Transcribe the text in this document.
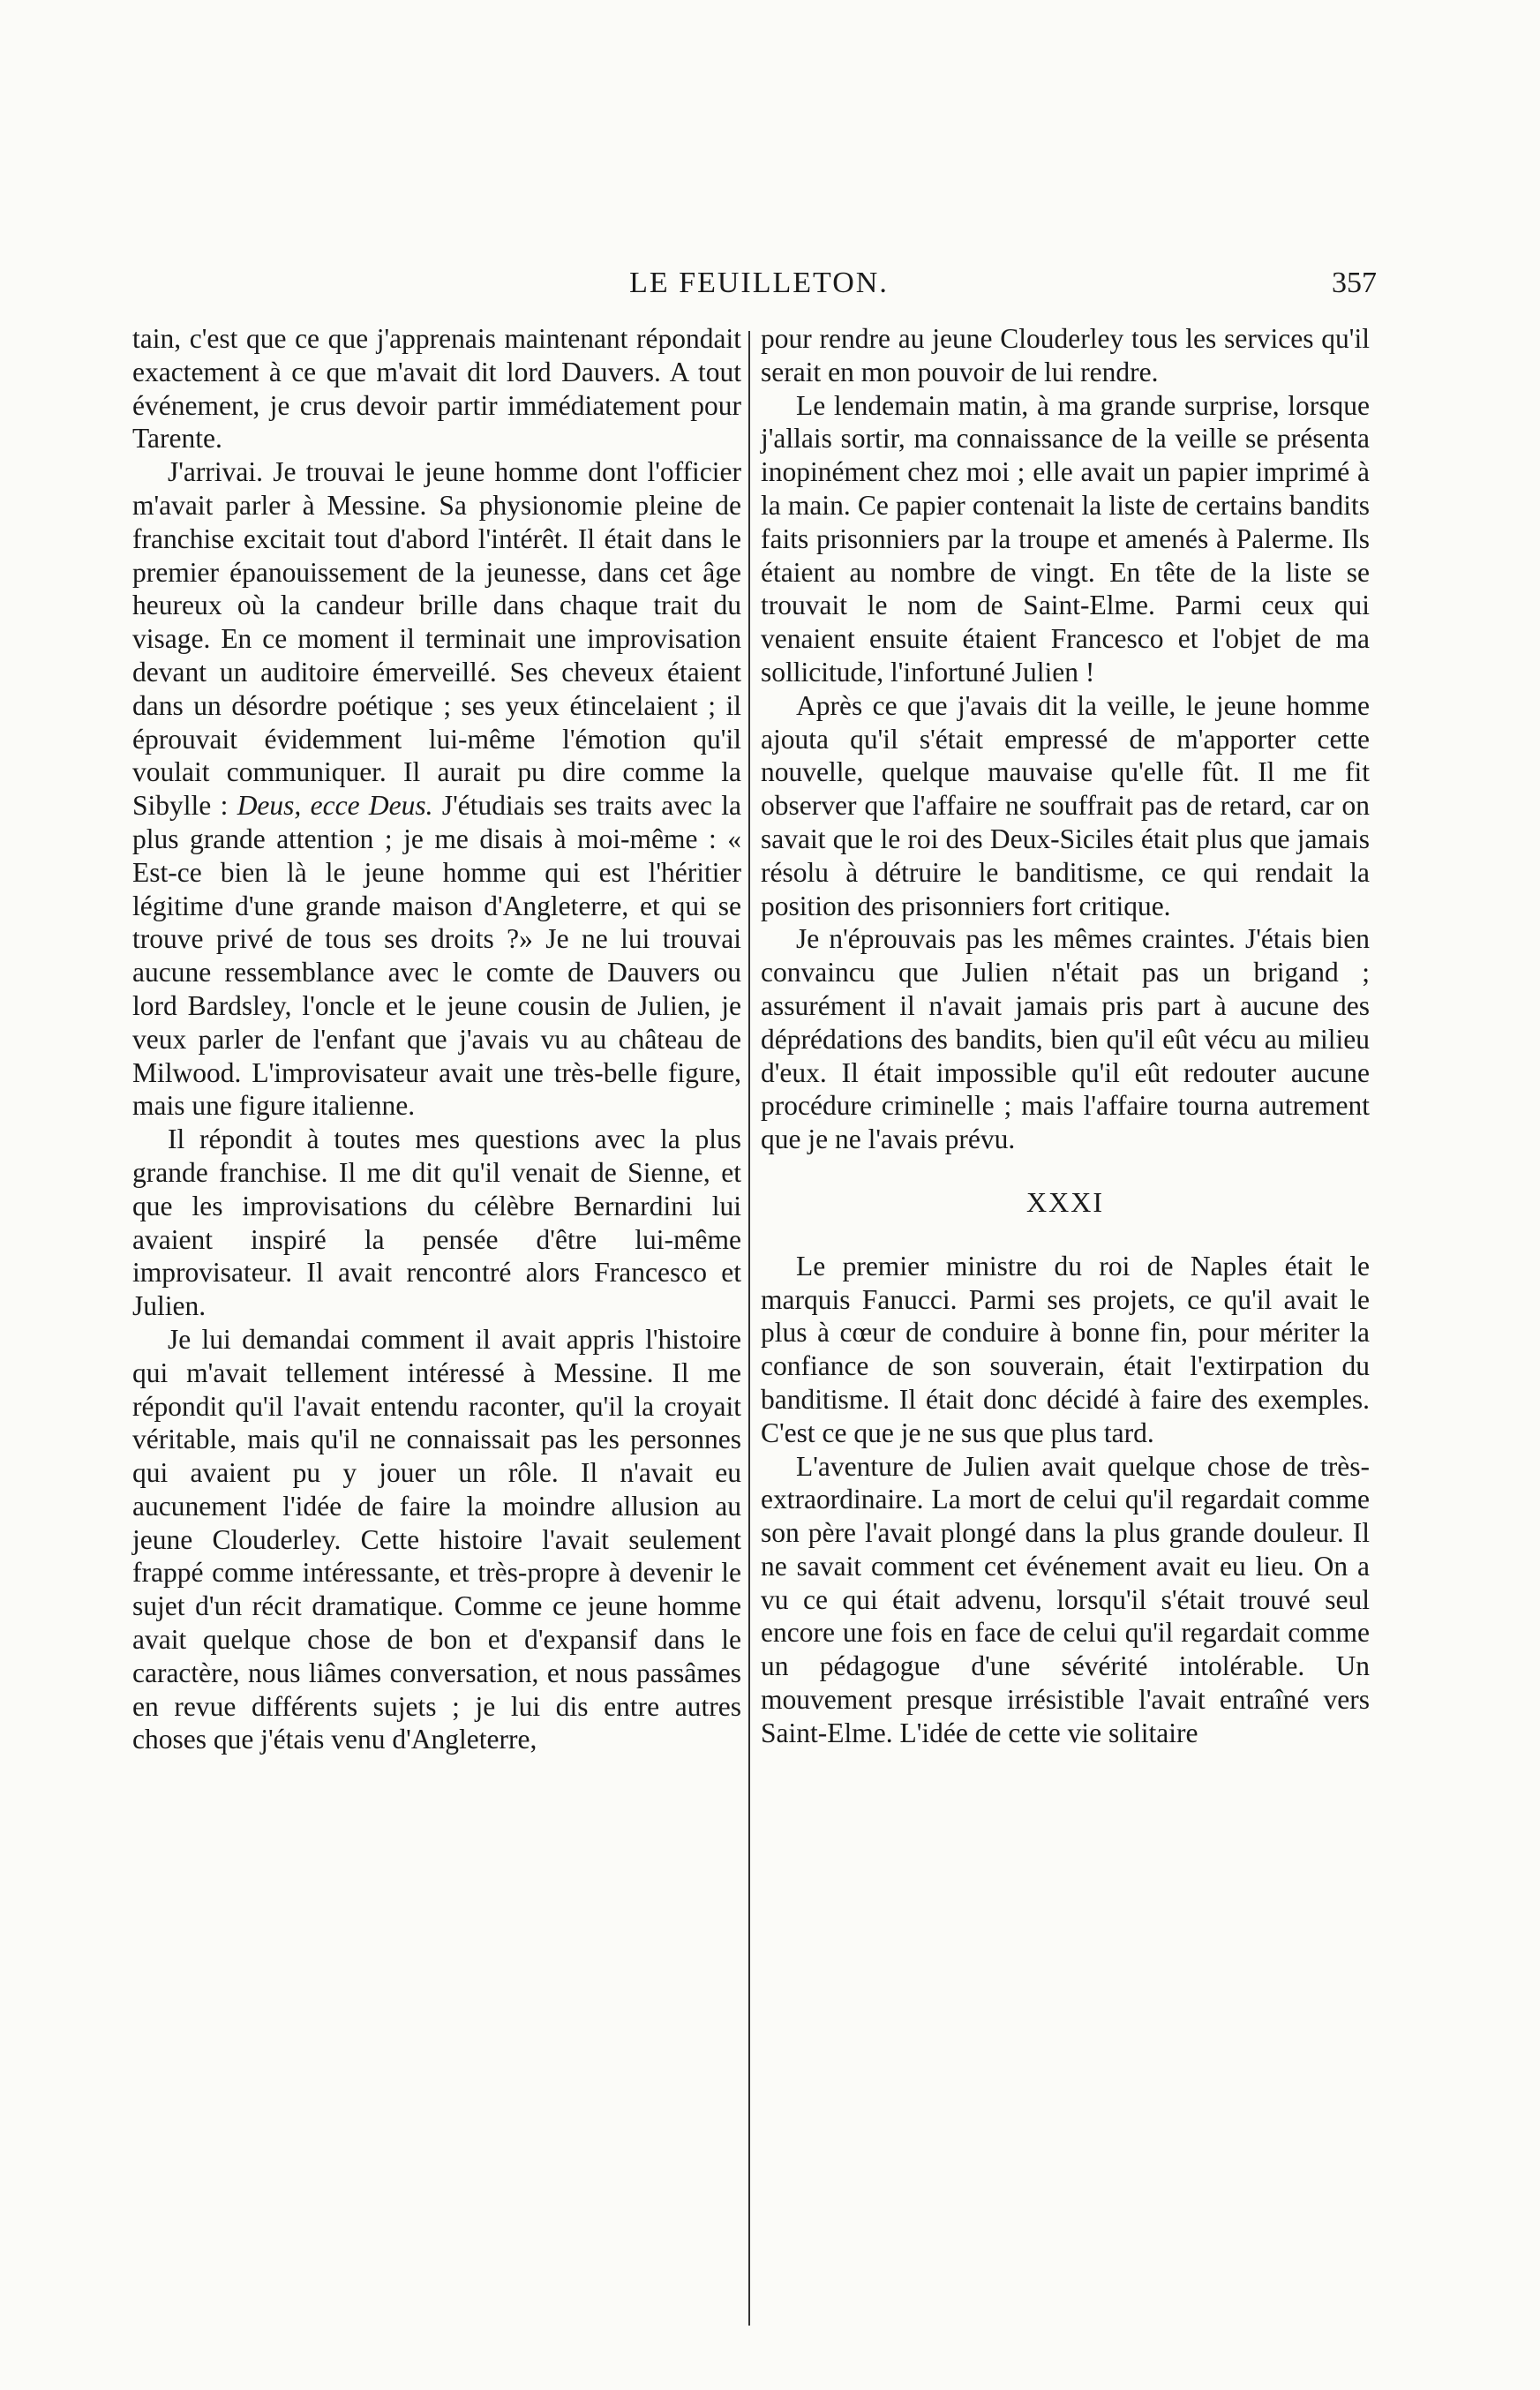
LE FEUILLETON.	357

tain, c'est que ce que j'apprenais maintenant répondait exactement à ce que m'avait dit lord Dauvers. A tout événement, je crus devoir partir immédiatement pour Tarente.

J'arrivai. Je trouvai le jeune homme dont l'officier m'avait parler à Messine. Sa physionomie pleine de franchise excitait tout d'abord l'intérêt. Il était dans le premier épanouissement de la jeunesse, dans cet âge heureux où la candeur brille dans chaque trait du visage. En ce moment il terminait une improvisation devant un auditoire émerveillé. Ses cheveux étaient dans un désordre poétique ; ses yeux étincelaient ; il éprouvait évidemment lui-même l'émotion qu'il voulait communiquer. Il aurait pu dire comme la Sibylle : Deus, ecce Deus. J'étudiais ses traits avec la plus grande attention ; je me disais à moi-même : « Est-ce bien là le jeune homme qui est l'héritier légitime d'une grande maison d'Angleterre, et qui se trouve privé de tous ses droits ?» Je ne lui trouvai aucune ressemblance avec le comte de Dauvers ou lord Bardsley, l'oncle et le jeune cousin de Julien, je veux parler de l'enfant que j'avais vu au château de Milwood. L'improvisateur avait une très-belle figure, mais une figure italienne.

Il répondit à toutes mes questions avec la plus grande franchise. Il me dit qu'il venait de Sienne, et que les improvisations du célèbre Bernardini lui avaient inspiré la pensée d'être lui-même improvisateur. Il avait rencontré alors Francesco et Julien.

Je lui demandai comment il avait appris l'histoire qui m'avait tellement intéressé à Messine. Il me répondit qu'il l'avait entendu raconter, qu'il la croyait véritable, mais qu'il ne connaissait pas les personnes qui avaient pu y jouer un rôle. Il n'avait eu aucunement l'idée de faire la moindre allusion au jeune Clouderley. Cette histoire l'avait seulement frappé comme intéressante, et très-propre à devenir le sujet d'un récit dramatique. Comme ce jeune homme avait quelque chose de bon et d'expansif dans le caractère, nous liâmes conversation, et nous passâmes en revue différents sujets ; je lui dis entre autres choses que j'étais venu d'Angleterre,

pour rendre au jeune Clouderley tous les services qu'il serait en mon pouvoir de lui rendre.

Le lendemain matin, à ma grande surprise, lorsque j'allais sortir, ma connaissance de la veille se présenta inopinément chez moi ; elle avait un papier imprimé à la main. Ce papier contenait la liste de certains bandits faits prisonniers par la troupe et amenés à Palerme. Ils étaient au nombre de vingt. En tête de la liste se trouvait le nom de Saint-Elme. Parmi ceux qui venaient ensuite étaient Francesco et l'objet de ma sollicitude, l'infortuné Julien !

Après ce que j'avais dit la veille, le jeune homme ajouta qu'il s'était empressé de m'apporter cette nouvelle, quelque mauvaise qu'elle fût. Il me fit observer que l'affaire ne souffrait pas de retard, car on savait que le roi des Deux-Siciles était plus que jamais résolu à détruire le banditisme, ce qui rendait la position des prisonniers fort critique.

Je n'éprouvais pas les mêmes craintes. J'étais bien convaincu que Julien n'était pas un brigand ; assurément il n'avait jamais pris part à aucune des déprédations des bandits, bien qu'il eût vécu au milieu d'eux. Il était impossible qu'il eût redouter aucune procédure criminelle ; mais l'affaire tourna autrement que je ne l'avais prévu.

XXXI

Le premier ministre du roi de Naples était le marquis Fanucci. Parmi ses projets, ce qu'il avait le plus à cœur de conduire à bonne fin, pour mériter la confiance de son souverain, était l'extirpation du banditisme. Il était donc décidé à faire des exemples. C'est ce que je ne sus que plus tard.

L'aventure de Julien avait quelque chose de très-extraordinaire. La mort de celui qu'il regardait comme son père l'avait plongé dans la plus grande douleur. Il ne savait comment cet événement avait eu lieu. On a vu ce qui était advenu, lorsqu'il s'était trouvé seul encore une fois en face de celui qu'il regardait comme un pédagogue d'une sévérité intolérable. Un mouvement presque irrésistible l'avait entraîné vers Saint-Elme. L'idée de cette vie solitaire
